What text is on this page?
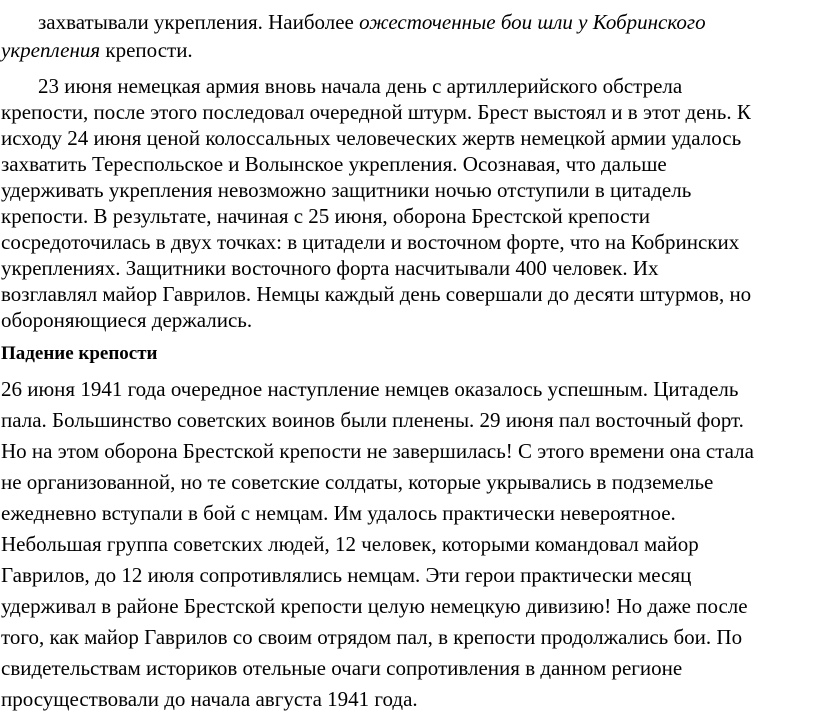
захватывали укрепления. Наиболее ожесточенные бои шли у Кобринского
укрепления крепости.
23 июня немецкая армия вновь начала день с артиллерийского обстрела
крепости, после этого последовал очередной штурм. Брест выстоял и в этот день. К
исходу 24 июня ценой колоссальных человеческих жертв немецкой армии удалось
захватить Тереспольское и Волынское укрепления. Осознавая, что дальше
удерживать укрепления невозможно защитники ночью отступили в цитадель
крепости. В результате, начиная с 25 июня, оборона Брестской крепости
сосредоточилась в двух точках: в цитадели и восточном форте, что на Кобринских
укреплениях. Защитники восточного форта насчитывали 400 человек. Их
возглавлял майор Гаврилов. Немцы каждый день совершали до десяти штурмов, но
обороняющиеся держались.
Падение крепости
26 июня 1941 года очередное наступление немцев оказалось успешным. Цитадель
пала. Большинство советских воинов были пленены. 29 июня пал восточный форт.
Но на этом оборона Брестской крепости не завершилась! С этого времени она стала
не организованной, но те советские солдаты, которые укрывались в подземелье
ежедневно вступали в бой с немцам. Им удалось практически невероятное.
Небольшая группа советских людей, 12 человек, которыми командовал майор
Гаврилов, до 12 июля сопротивлялись немцам. Эти герои практически месяц
удерживал в районе Брестской крепости целую немецкую дивизию! Но даже после
того, как майор Гаврилов со своим отрядом пал, в крепости продолжались бои. По
свидетельствам историков отельные очаги сопротивления в данном регионе
просуществовали до начала августа 1941 года.
